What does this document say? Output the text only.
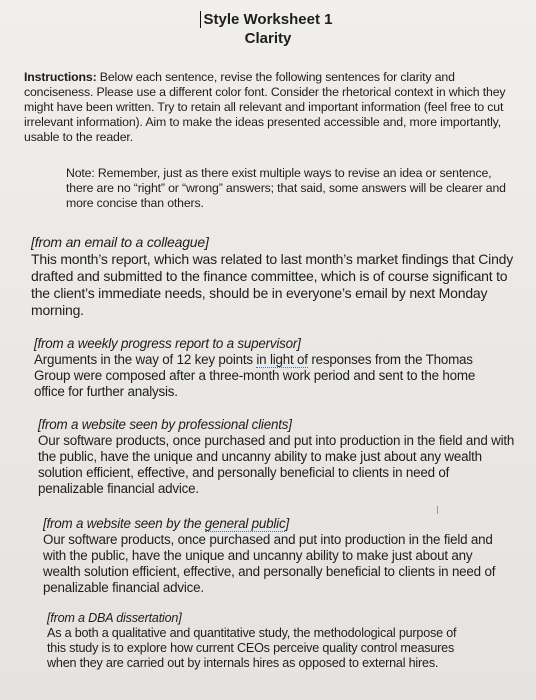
Style Worksheet 1
Clarity
Instructions: Below each sentence, revise the following sentences for clarity and conciseness. Please use a different color font. Consider the rhetorical context in which they might have been written. Try to retain all relevant and important information (feel free to cut irrelevant information). Aim to make the ideas presented accessible and, more importantly, usable to the reader.
Note: Remember, just as there exist multiple ways to revise an idea or sentence, there are no “right” or “wrong” answers; that said, some answers will be clearer and more concise than others.
[from an email to a colleague]
This month’s report, which was related to last month’s market findings that Cindy drafted and submitted to the finance committee, which is of course significant to the client’s immediate needs, should be in everyone’s email by next Monday morning.
[from a weekly progress report to a supervisor]
Arguments in the way of 12 key points in light of responses from the Thomas Group were composed after a three-month work period and sent to the home office for further analysis.
[from a website seen by professional clients]
Our software products, once purchased and put into production in the field and with the public, have the unique and uncanny ability to make just about any wealth solution efficient, effective, and personally beneficial to clients in need of penalizable financial advice.
[from a website seen by the general public]
Our software products, once purchased and put into production in the field and with the public, have the unique and uncanny ability to make just about any wealth solution efficient, effective, and personally beneficial to clients in need of penalizable financial advice.
[from a DBA dissertation]
As a both a qualitative and quantitative study, the methodological purpose of this study is to explore how current CEOs perceive quality control measures when they are carried out by internals hires as opposed to external hires.
